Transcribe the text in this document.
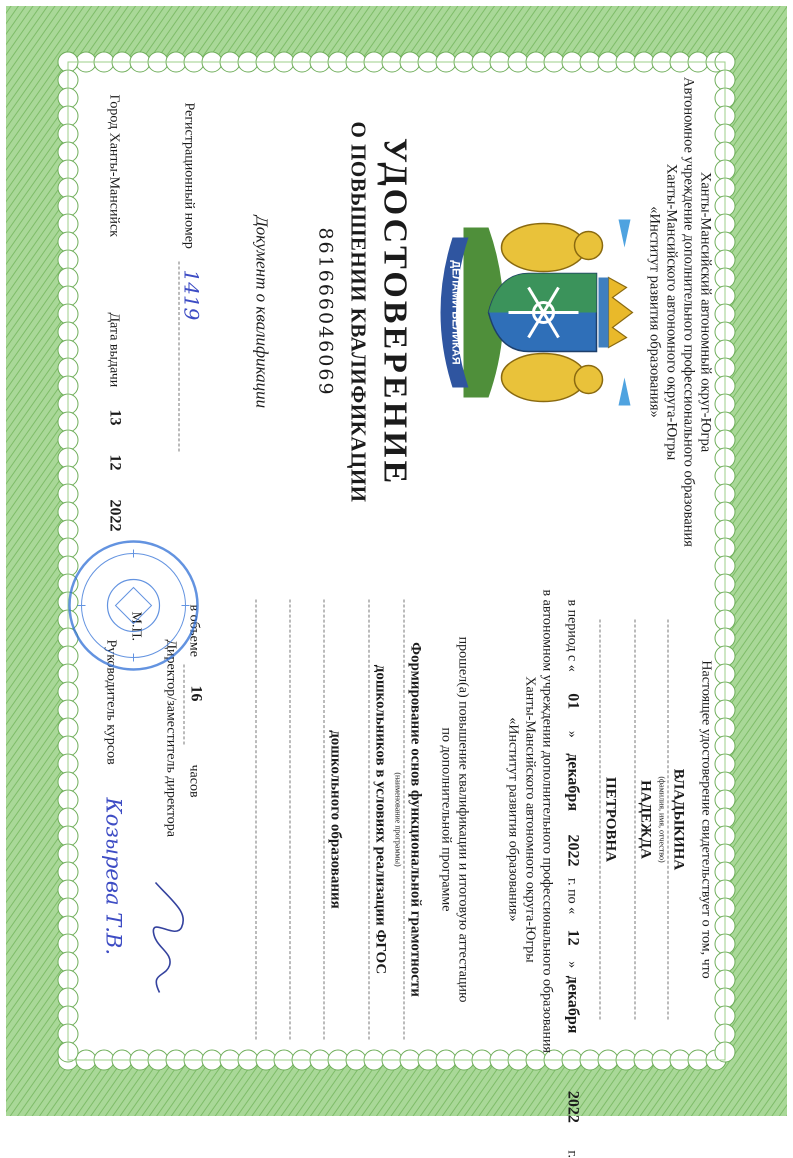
Ханты-Мансийский автономный округ-Югра
Автономное учреждение дополнительного профессионального образования
Ханты-Мансийского автономного округа-Югры
«Институт развития образования»
ДЕЛАМИ ВЕЛИКАЯ
УДОСТОВЕРЕНИЕ
О ПОВЫШЕНИИ КВАЛИФИКАЦИИ
861666046069
Документ о квалификации
Регистрационный номер
1419
Город Ханты-Мансийск
Дата выдачи
13
12
2022
Настоящее удостоверение свидетельствует о том, что
ВЛАДЫКИНА
(фамилия, имя, отчество)
НАДЕЖДА
ПЕТРОВНА
в период с « 01 » декабря 2022 г. по « 12 » декабря 2022 г.
в автономном учреждении дополнительного профессионального образования
Ханты-Мансийского автономного округа-Югры
«Институт развития образования»
прошел(а) повышение квалификации и итоговую аттестацию
по дополнительной программе
Формирование основ функциональной грамотности
(наименование программы)
дошкольников в условиях реализации ФГОС
дошкольного образования
в объеме
16
часов
Директор/заместитель директора
М.П.
Руководитель курсов
Козырева Т.В.
